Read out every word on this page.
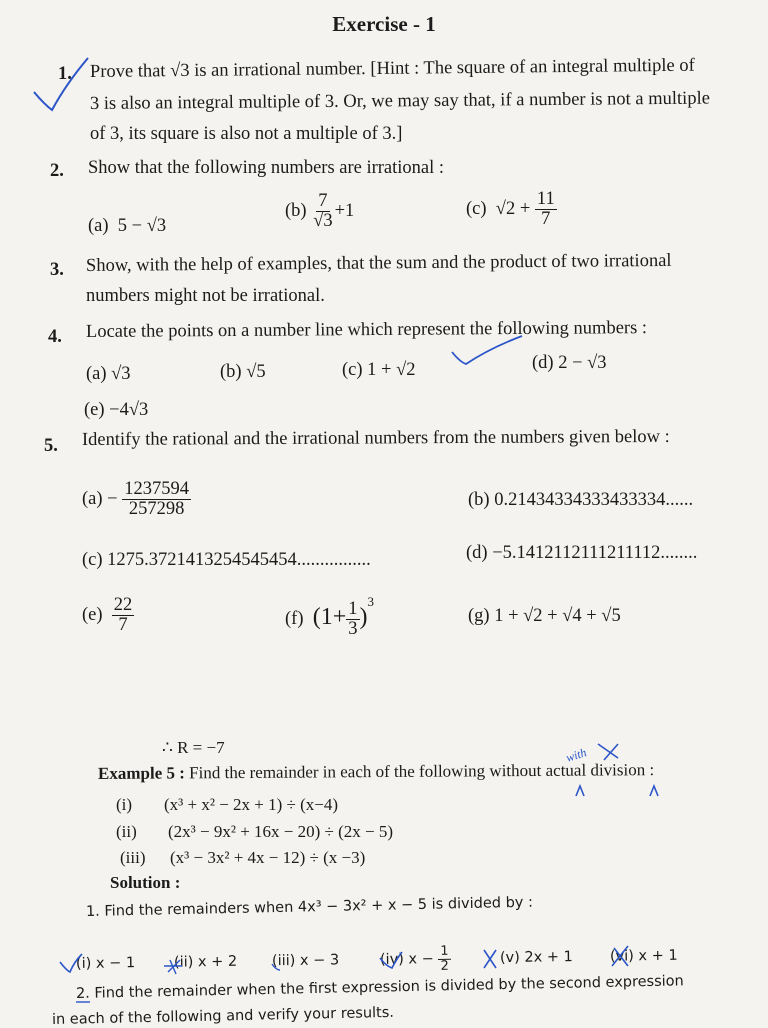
Exercise - 1
1. Prove that √3 is an irrational number. [Hint : The square of an integral multiple of
3 is also an integral multiple of 3. Or, we may say that, if a number is not a multiple
of 3, its square is also not a multiple of 3.]
2. Show that the following numbers are irrational :
(a) 5 − √3
$(b) \frac{7}{√3} +1$	(c) $√2 + \frac{11}{7}$
3. Show, with the help of examples, that the sum and the product of two irrational
numbers might not be irrational.
4. Locate the points on a number line which represent the following numbers :
(a) √3	(b) √5	(c) 1 + √2	(d) 2 − √3
(e) −4√3
5. Identify the rational and the irrational numbers from the numbers given below :
$(a) - \frac{1237594}{257298}$	(b) 0.21434334333433334......
(c) 1275.3721413254545454................	(d) −5.1412112111211112........
$(e) \frac{22}{7}$	(f) $(1+ \frac{1}{3} )^3$
(g) 1 + √2 + √4 + √5
∴ R = −7
Example 5 : Find the remainder in each of the following without actual division :
(i) (x³ + x² − 2x + 1) ÷ (x−4)
(ii) (2x³ − 9x² + 16x − 20) ÷ (2x − 5)
(iii) (x³ − 3x² + 4x − 12) ÷ (x −3)
Solution :
1. Find the remainders when 4x³ − 3x² + x − 5 is divided by :
(i) x − 1	(ii) x + 2 (iii) x − 3	(iv) $x - \frac{1}{2}$	(v) 2x + 1	(vi) x + 1
2. Find the remainder when the first expression is divided by the second expression
in each of the following and verify your results.
with
